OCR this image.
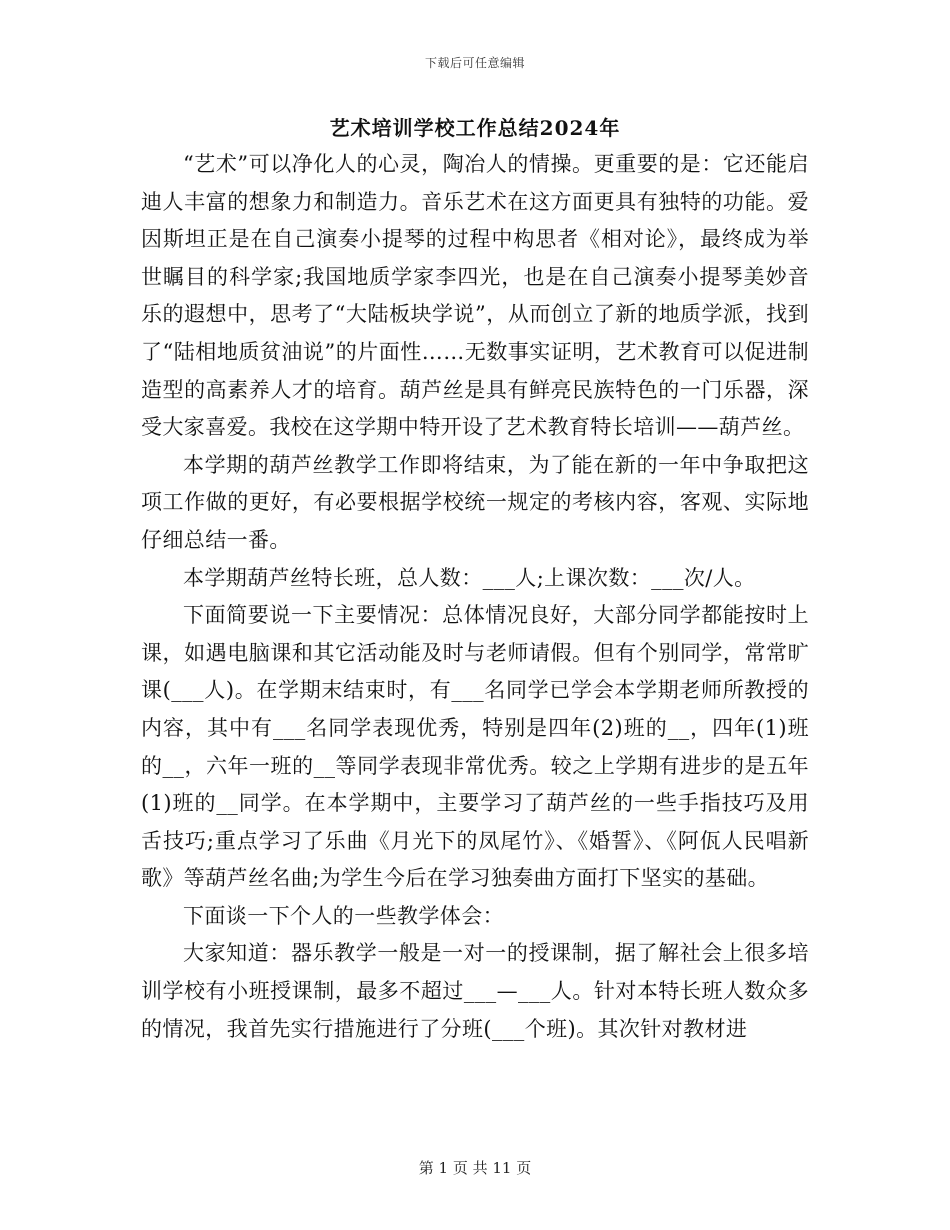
下载后可任意编辑
艺术培训学校工作总结2024年

“艺术”可以净化人的心灵，陶冶人的情操。更重要的是：它还能启迪人丰富的想象力和制造力。音乐艺术在这方面更具有独特的功能。爱因斯坦正是在自己演奏小提琴的过程中构思者《相对论》，最终成为举世瞩目的科学家;我国地质学家李四光，也是在自己演奏小提琴美妙音乐的遐想中，思考了“大陆板块学说”，从而创立了新的地质学派，找到了“陆相地质贫油说”的片面性……无数事实证明，艺术教育可以促进制造型的高素养人才的培育。葫芦丝是具有鲜亮民族特色的一门乐器，深受大家喜爱。我校在这学期中特开设了艺术教育特长培训——葫芦丝。

本学期的葫芦丝教学工作即将结束，为了能在新的一年中争取把这项工作做的更好，有必要根据学校统一规定的考核内容，客观、实际地仔细总结一番。

本学期葫芦丝特长班，总人数：___人;上课次数：___次/人。

下面简要说一下主要情况：总体情况良好，大部分同学都能按时上课，如遇电脑课和其它活动能及时与老师请假。但有个别同学，常常旷课(___人)。在学期末结束时，有___名同学已学会本学期老师所教授的内容，其中有___名同学表现优秀，特别是四年(2)班的__，四年(1)班的__，六年一班的__等同学表现非常优秀。较之上学期有进步的是五年(1)班的__同学。在本学期中，主要学习了葫芦丝的一些手指技巧及用舌技巧;重点学习了乐曲《月光下的凤尾竹》、《婚誓》、《阿佤人民唱新歌》等葫芦丝名曲;为学生今后在学习独奏曲方面打下坚实的基础。

下面谈一下个人的一些教学体会：

大家知道：器乐教学一般是一对一的授课制，据了解社会上很多培训学校有小班授课制，最多不超过___—___人。针对本特长班人数众多的情况，我首先实行措施进行了分班(___个班)。其次针对教材进

第 1 页 共 11 页
